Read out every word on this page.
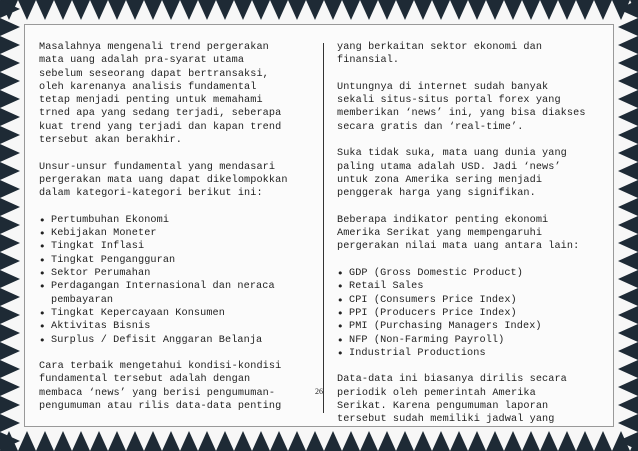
Masalahnya mengenali trend pergerakan
mata uang adalah pra-syarat utama
sebelum seseorang dapat bertransaksi,
oleh karenanya analisis fundamental
tetap menjadi penting untuk memahami
trned apa yang sedang terjadi, seberapa
kuat trend yang terjadi dan kapan trend
tersebut akan berakhir.

Unsur-unsur fundamental yang mendasari
pergerakan mata uang dapat dikelompokkan
dalam kategori-kategori berikut ini:

• Pertumbuhan Ekonomi
• Kebijakan Moneter
• Tingkat Inflasi
• Tingkat Pengangguran
• Sektor Perumahan
• Perdagangan Internasional dan neraca
pembayaran
• Tingkat Kepercayaan Konsumen
• Aktivitas Bisnis
• Surplus / Defisit Anggaran Belanja

Cara terbaik mengetahui kondisi-kondisi
fundamental tersebut adalah dengan
membaca ‘news’ yang berisi pengumuman-
pengumuman atau rilis data-data penting

yang berkaitan sektor ekonomi dan
finansial.

Untungnya di internet sudah banyak
sekali situs-situs portal forex yang
memberikan ‘news’ ini, yang bisa diakses
secara gratis dan ‘real-time’.

Suka tidak suka, mata uang dunia yang
paling utama adalah USD. Jadi ‘news’
untuk zona Amerika sering menjadi
penggerak harga yang signifikan.

Beberapa indikator penting ekonomi
Amerika Serikat yang mempengaruhi
pergerakan nilai mata uang antara lain:

• GDP (Gross Domestic Product)
• Retail Sales
• CPI (Consumers Price Index)
• PPI (Producers Price Index)
• PMI (Purchasing Managers Index)
• NFP (Non-Farming Payroll)
• Industrial Productions

Data-data ini biasanya dirilis secara
periodik oleh pemerintah Amerika
Serikat. Karena pengumuman laporan
tersebut sudah memiliki jadwal yang

26
